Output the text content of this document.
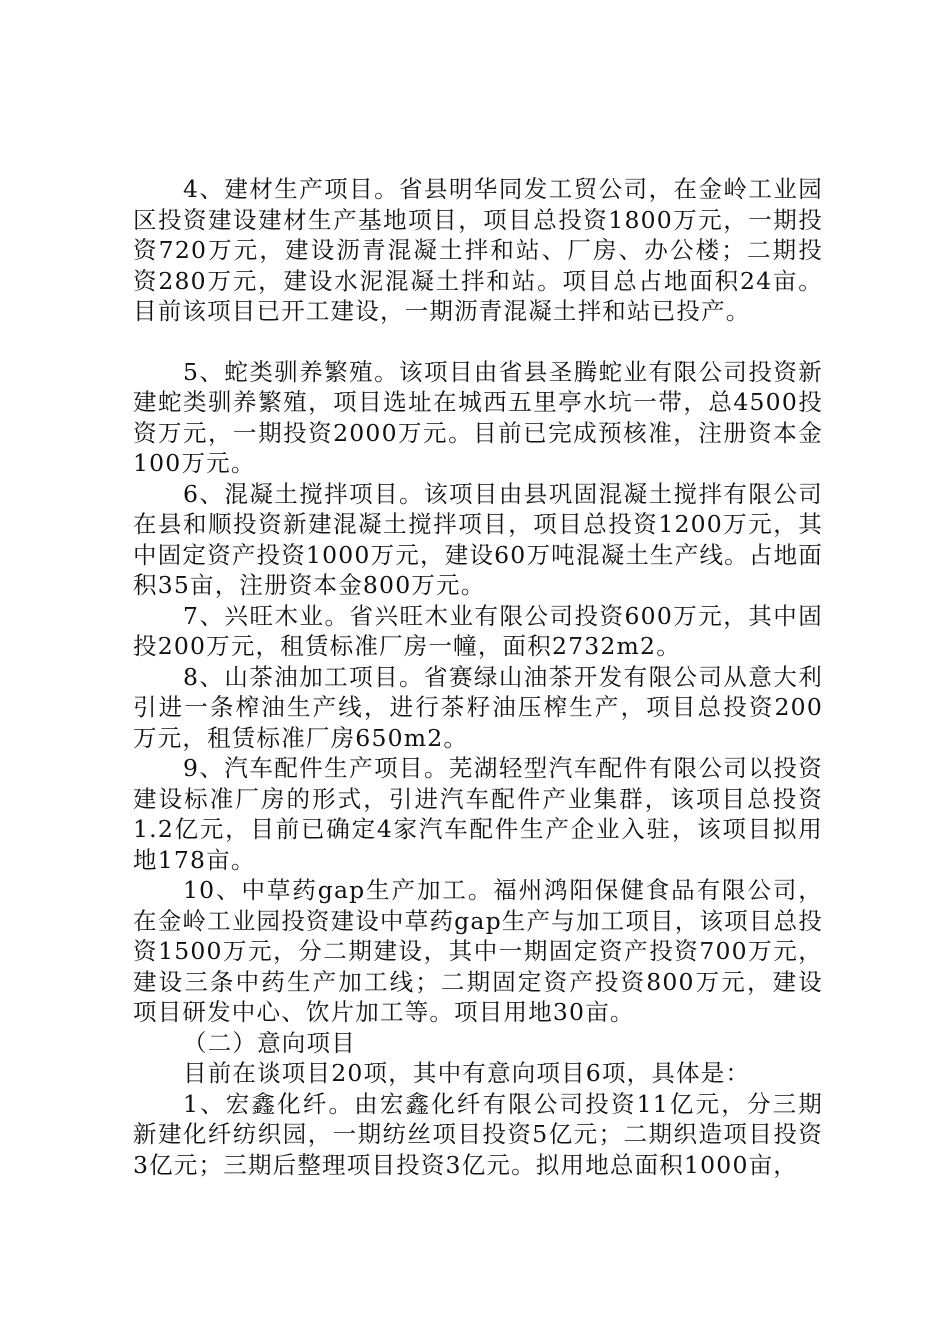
4、建材生产项目。省县明华同发工贸公司，在金岭工业园区投资建设建材生产基地项目，项目总投资1800万元，一期投资720万元，建设沥青混凝土拌和站、厂房、办公楼；二期投资280万元，建设水泥混凝土拌和站。项目总占地面积24亩。目前该项目已开工建设，一期沥青混凝土拌和站已投产。

5、蛇类驯养繁殖。该项目由省县圣腾蛇业有限公司投资新建蛇类驯养繁殖，项目选址在城西五里亭水坑一带，总4500投资万元，一期投资2000万元。目前已完成预核准，注册资本金100万元。

6、混凝土搅拌项目。该项目由县巩固混凝土搅拌有限公司在县和顺投资新建混凝土搅拌项目，项目总投资1200万元，其中固定资产投资1000万元，建设60万吨混凝土生产线。占地面积35亩，注册资本金800万元。

7、兴旺木业。省兴旺木业有限公司投资600万元，其中固投200万元，租赁标准厂房一幢，面积2732m2。

8、山茶油加工项目。省赛绿山油茶开发有限公司从意大利引进一条榨油生产线，进行茶籽油压榨生产，项目总投资200万元，租赁标准厂房650m2。

9、汽车配件生产项目。芜湖轻型汽车配件有限公司以投资建设标准厂房的形式，引进汽车配件产业集群，该项目总投资1.2亿元，目前已确定4家汽车配件生产企业入驻，该项目拟用地178亩。

10、中草药gap生产加工。福州鸿阳保健食品有限公司，在金岭工业园投资建设中草药gap生产与加工项目，该项目总投资1500万元，分二期建设，其中一期固定资产投资700万元，建设三条中药生产加工线；二期固定资产投资800万元，建设项目研发中心、饮片加工等。项目用地30亩。

（二）意向项目

目前在谈项目20项，其中有意向项目6项，具体是：

1、宏鑫化纤。由宏鑫化纤有限公司投资11亿元，分三期新建化纤纺织园，一期纺丝项目投资5亿元；二期织造项目投资3亿元；三期后整理项目投资3亿元。拟用地总面积1000亩，
